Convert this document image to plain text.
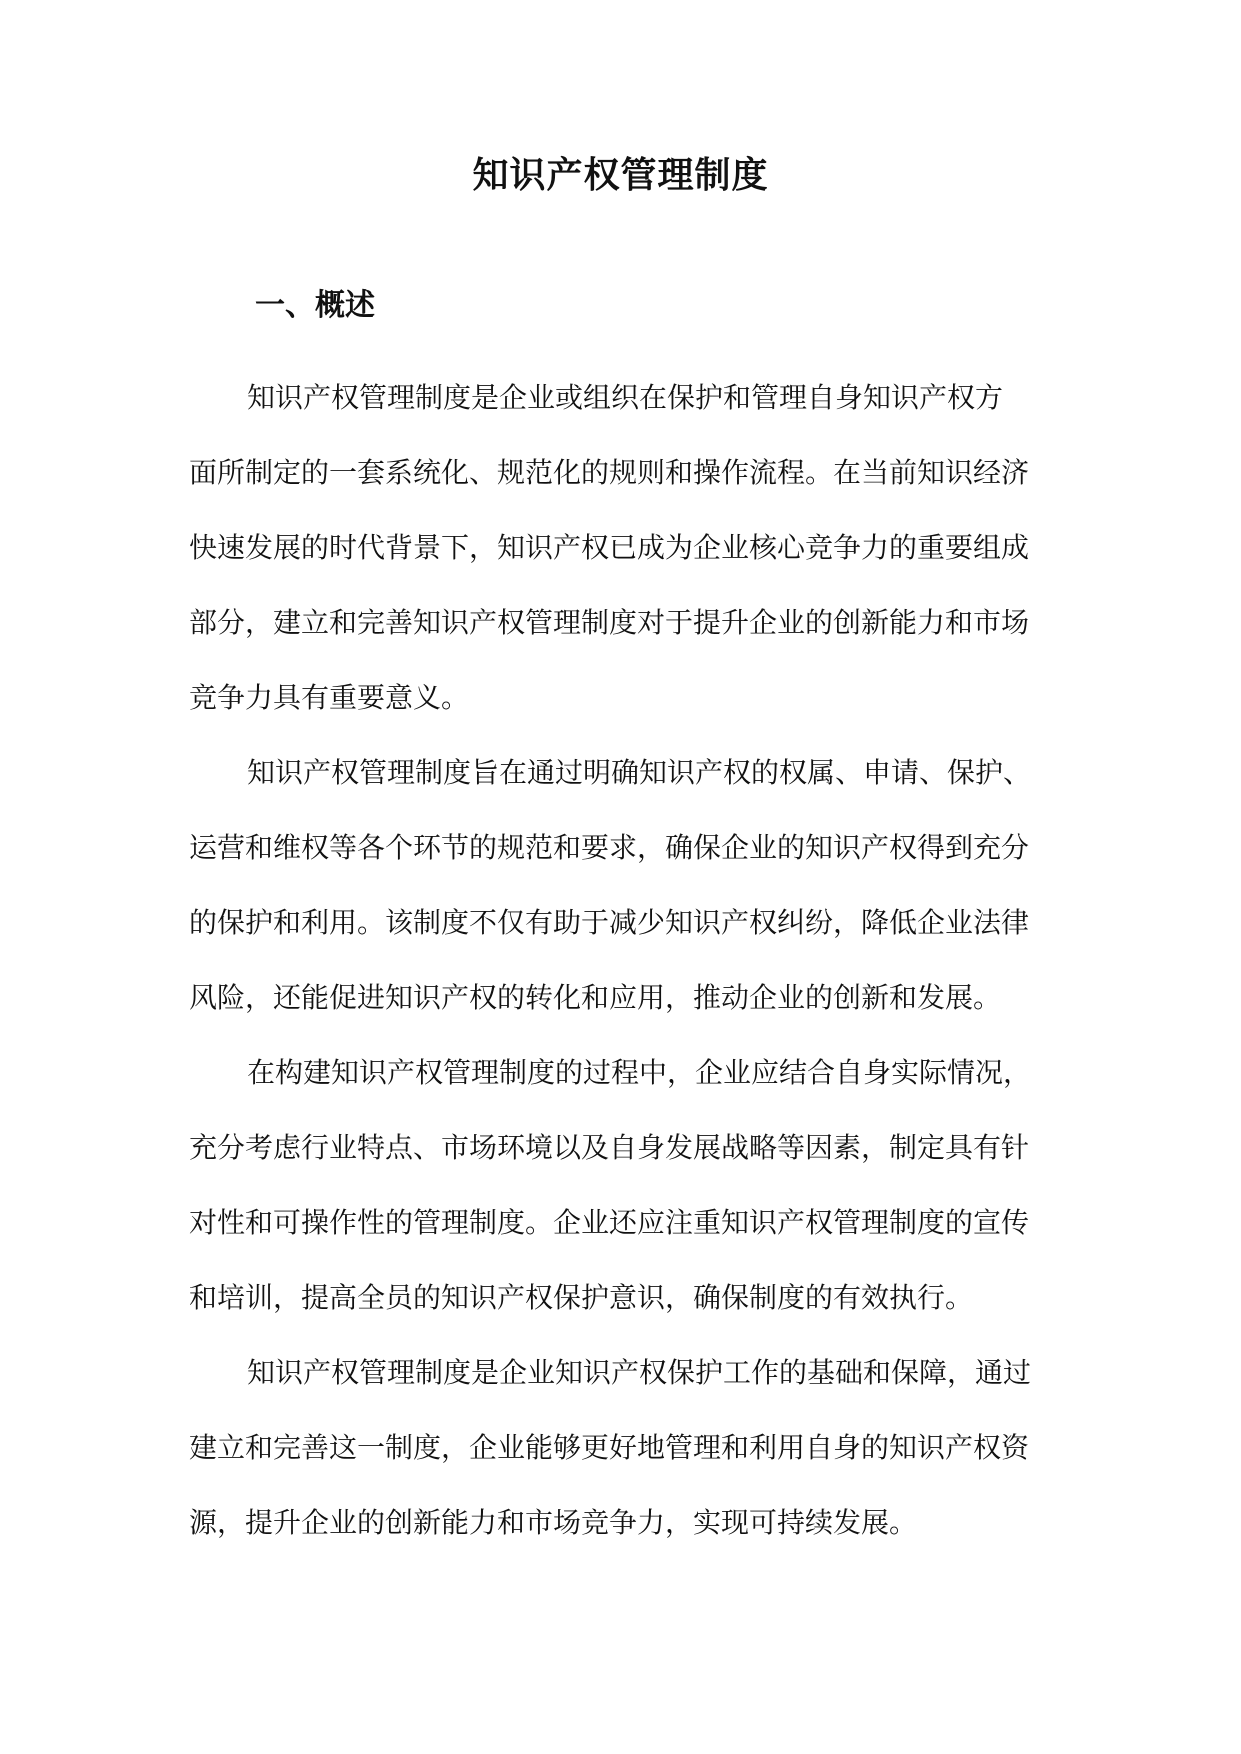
知识产权管理制度
一、概述
知识产权管理制度是企业或组织在保护和管理自身知识产权方
面所制定的一套系统化、规范化的规则和操作流程。在当前知识经济
快速发展的时代背景下，知识产权已成为企业核心竞争力的重要组成
部分，建立和完善知识产权管理制度对于提升企业的创新能力和市场
竞争力具有重要意义。
知识产权管理制度旨在通过明确知识产权的权属、申请、保护、
运营和维权等各个环节的规范和要求，确保企业的知识产权得到充分
的保护和利用。该制度不仅有助于减少知识产权纠纷，降低企业法律
风险，还能促进知识产权的转化和应用，推动企业的创新和发展。
在构建知识产权管理制度的过程中，企业应结合自身实际情况，
充分考虑行业特点、市场环境以及自身发展战略等因素，制定具有针
对性和可操作性的管理制度。企业还应注重知识产权管理制度的宣传
和培训，提高全员的知识产权保护意识，确保制度的有效执行。
知识产权管理制度是企业知识产权保护工作的基础和保障，通过
建立和完善这一制度，企业能够更好地管理和利用自身的知识产权资
源，提升企业的创新能力和市场竞争力，实现可持续发展。
